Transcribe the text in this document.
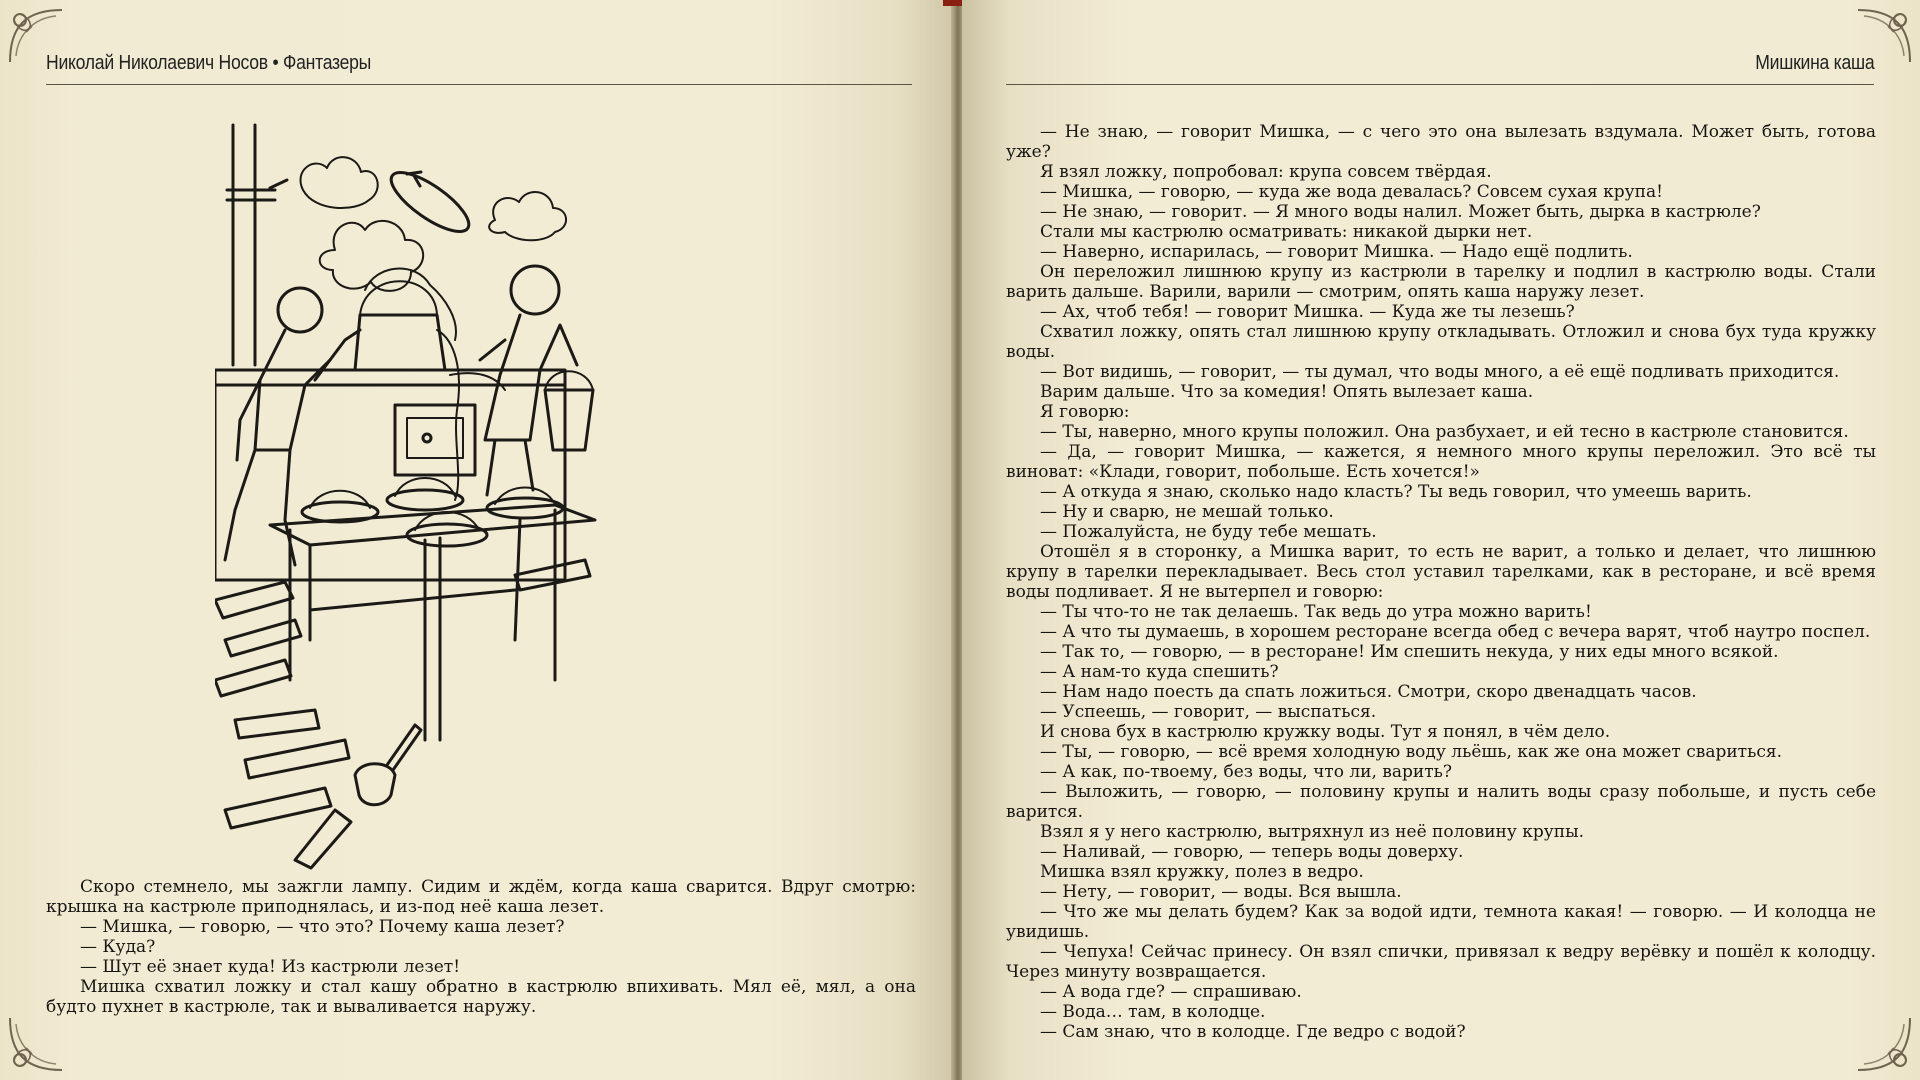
Николай Николаевич Носов • Фантазеры

Скоро стемнело, мы зажгли лампу. Сидим и ждём, когда каша сварится. Вдруг смотрю: крышка на кастрюле приподнялась, и из-под неё каша лезет.

— Мишка, — говорю, — что это? Почему каша лезет?

— Куда?

— Шут её знает куда! Из кастрюли лезет!

Мишка схватил ложку и стал кашу обратно в кастрюлю впихивать. Мял её, мял, а она будто пухнет в кастрюле, так и вываливается наружу.

Мишкина каша

— Не знаю, — говорит Мишка, — с чего это она вылезать вздумала. Может быть, готова уже?

Я взял ложку, попробовал: крупа совсем твёрдая.

— Мишка, — говорю, — куда же вода девалась? Совсем сухая крупа!

— Не знаю, — говорит. — Я много воды налил. Может быть, дырка в кастрюле?

Стали мы кастрюлю осматривать: никакой дырки нет.

— Наверно, испарилась, — говорит Мишка. — Надо ещё подлить.

Он переложил лишнюю крупу из кастрюли в тарелку и подлил в кастрюлю воды. Стали варить дальше. Варили, варили — смотрим, опять каша наружу лезет.

— Ах, чтоб тебя! — говорит Мишка. — Куда же ты лезешь?

Схватил ложку, опять стал лишнюю крупу откладывать. Отложил и снова бух туда кружку воды.

— Вот видишь, — говорит, — ты думал, что воды много, а её ещё подливать приходится.

Варим дальше. Что за комедия! Опять вылезает каша.

Я говорю:

— Ты, наверно, много крупы положил. Она разбухает, и ей тесно в кастрюле становится.

— Да, — говорит Мишка, — кажется, я немного много крупы переложил. Это всё ты виноват: «Клади, говорит, побольше. Есть хочется!»

— А откуда я знаю, сколько надо класть? Ты ведь говорил, что умеешь варить.

— Ну и сварю, не мешай только.

— Пожалуйста, не буду тебе мешать.

Отошёл я в сторонку, а Мишка варит, то есть не варит, а только и делает, что лишнюю крупу в тарелки перекладывает. Весь стол уставил тарелками, как в ресторане, и всё время воды подливает. Я не вытерпел и говорю:

— Ты что-то не так делаешь. Так ведь до утра можно варить!

— А что ты думаешь, в хорошем ресторане всегда обед с вечера варят, чтоб наутро поспел.

— Так то, — говорю, — в ресторане! Им спешить некуда, у них еды много всякой.

— А нам-то куда спешить?

— Нам надо поесть да спать ложиться. Смотри, скоро двенадцать часов.

— Успеешь, — говорит, — выспаться.

И снова бух в кастрюлю кружку воды. Тут я понял, в чём дело.

— Ты, — говорю, — всё время холодную воду льёшь, как же она может свариться.

— А как, по-твоему, без воды, что ли, варить?

— Выложить, — говорю, — половину крупы и налить воды сразу побольше, и пусть себе варится.

Взял я у него кастрюлю, вытряхнул из неё половину крупы.

— Наливай, — говорю, — теперь воды доверху.

Мишка взял кружку, полез в ведро.

— Нету, — говорит, — воды. Вся вышла.

— Что же мы делать будем? Как за водой идти, темнота какая! — говорю. — И колодца не увидишь.

— Чепуха! Сейчас принесу. Он взял спички, привязал к ведру верёвку и пошёл к колодцу. Через минуту возвращается.

— А вода где? — спрашиваю.

— Вода… там, в колодце.

— Сам знаю, что в колодце. Где ведро с водой?
